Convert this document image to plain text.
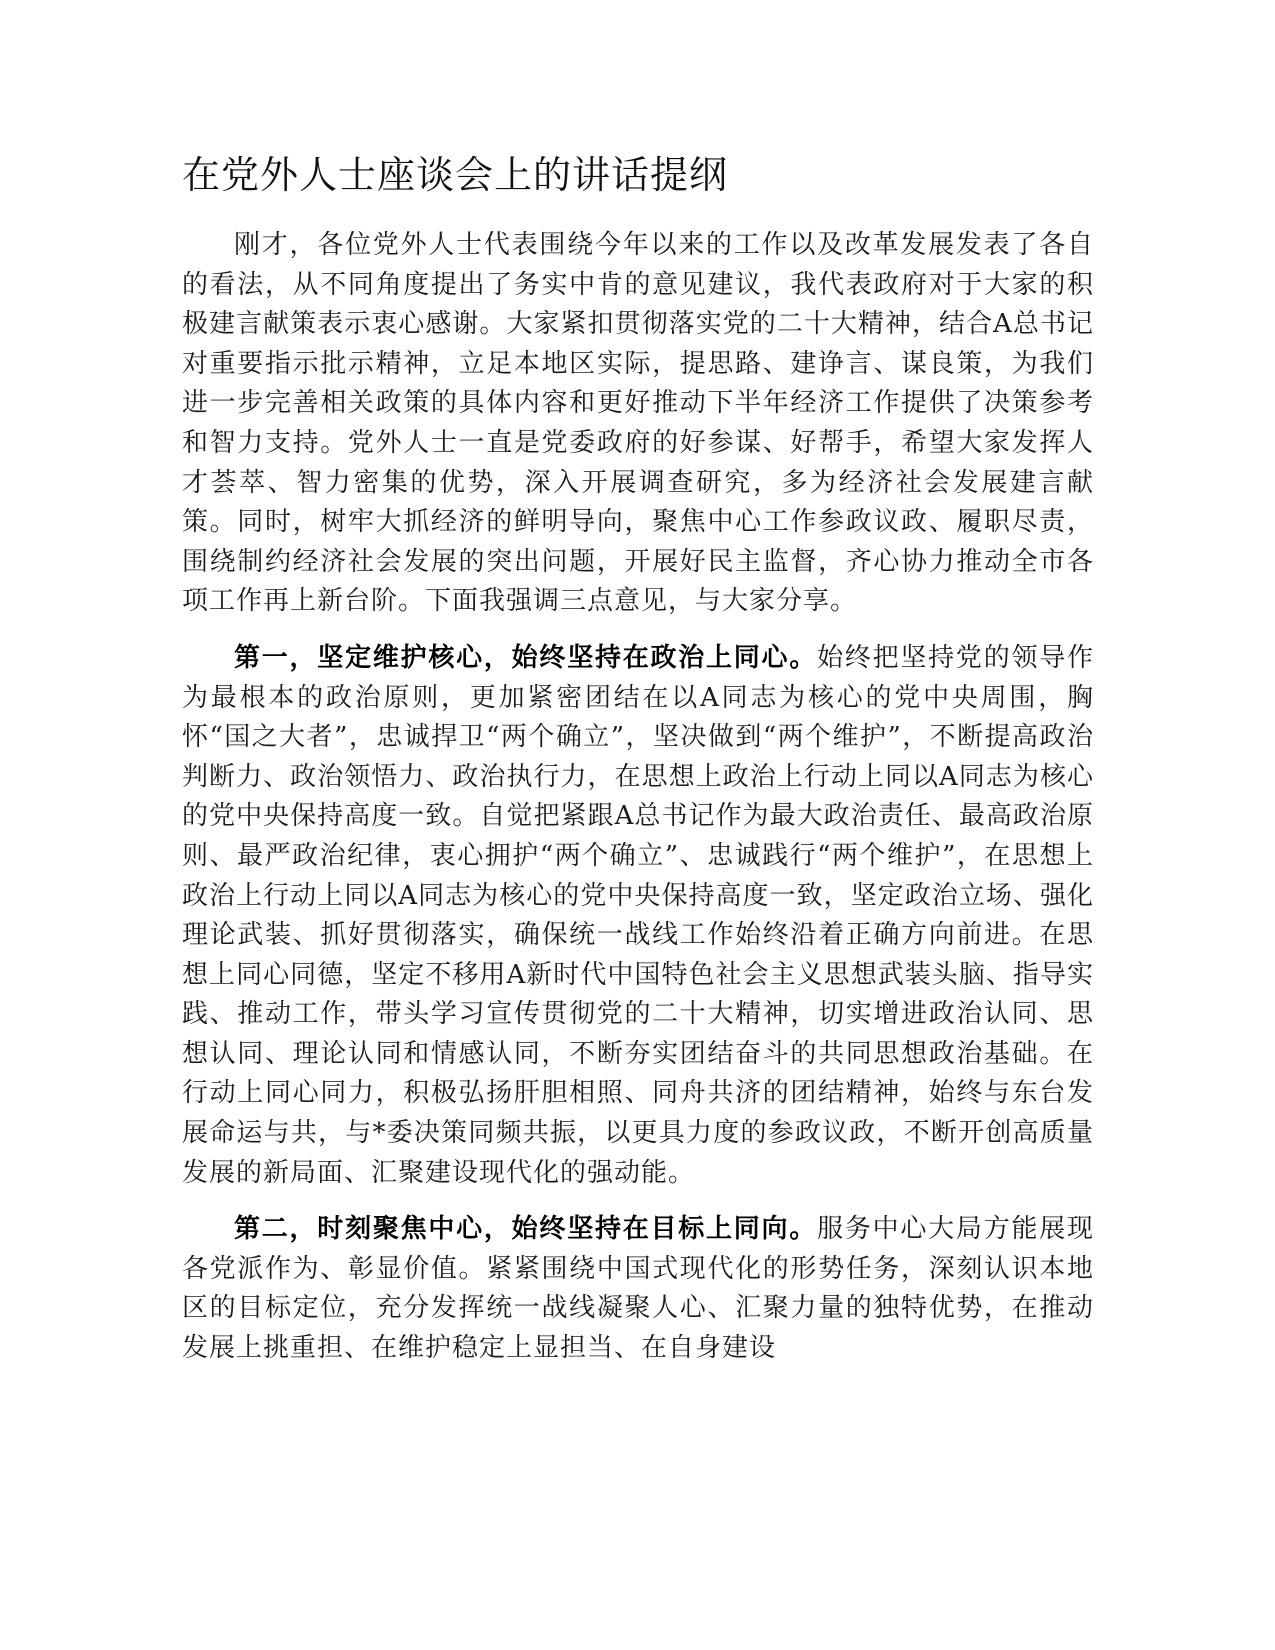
在党外人士座谈会上的讲话提纲

刚才，各位党外人士代表围绕今年以来的工作以及改革发展发表了各自的看法，从不同角度提出了务实中肯的意见建议，我代表政府对于大家的积极建言献策表示衷心感谢。大家紧扣贯彻落实党的二十大精神，结合A总书记对重要指示批示精神，立足本地区实际，提思路、建诤言、谋良策，为我们进一步完善相关政策的具体内容和更好推动下半年经济工作提供了决策参考和智力支持。党外人士一直是党委政府的好参谋、好帮手，希望大家发挥人才荟萃、智力密集的优势，深入开展调查研究，多为经济社会发展建言献策。同时，树牢大抓经济的鲜明导向，聚焦中心工作参政议政、履职尽责，围绕制约经济社会发展的突出问题，开展好民主监督，齐心协力推动全市各项工作再上新台阶。下面我强调三点意见，与大家分享。

第一，坚定维护核心，始终坚持在政治上同心。始终把坚持党的领导作为最根本的政治原则，更加紧密团结在以A同志为核心的党中央周围，胸怀“国之大者”，忠诚捍卫“两个确立”，坚决做到“两个维护”，不断提高政治判断力、政治领悟力、政治执行力，在思想上政治上行动上同以A同志为核心的党中央保持高度一致。自觉把紧跟A总书记作为最大政治责任、最高政治原则、最严政治纪律，衷心拥护“两个确立”、忠诚践行“两个维护”，在思想上政治上行动上同以A同志为核心的党中央保持高度一致，坚定政治立场、强化理论武装、抓好贯彻落实，确保统一战线工作始终沿着正确方向前进。在思想上同心同德，坚定不移用A新时代中国特色社会主义思想武装头脑、指导实践、推动工作，带头学习宣传贯彻党的二十大精神，切实增进政治认同、思想认同、理论认同和情感认同，不断夯实团结奋斗的共同思想政治基础。在行动上同心同力，积极弘扬肝胆相照、同舟共济的团结精神，始终与东台发展命运与共，与*委决策同频共振，以更具力度的参政议政，不断开创高质量发展的新局面、汇聚建设现代化的强动能。

第二，时刻聚焦中心，始终坚持在目标上同向。服务中心大局方能展现各党派作为、彰显价值。紧紧围绕中国式现代化的形势任务，深刻认识本地区的目标定位，充分发挥统一战线凝聚人心、汇聚力量的独特优势，在推动发展上挑重担、在维护稳定上显担当、在自身建设
